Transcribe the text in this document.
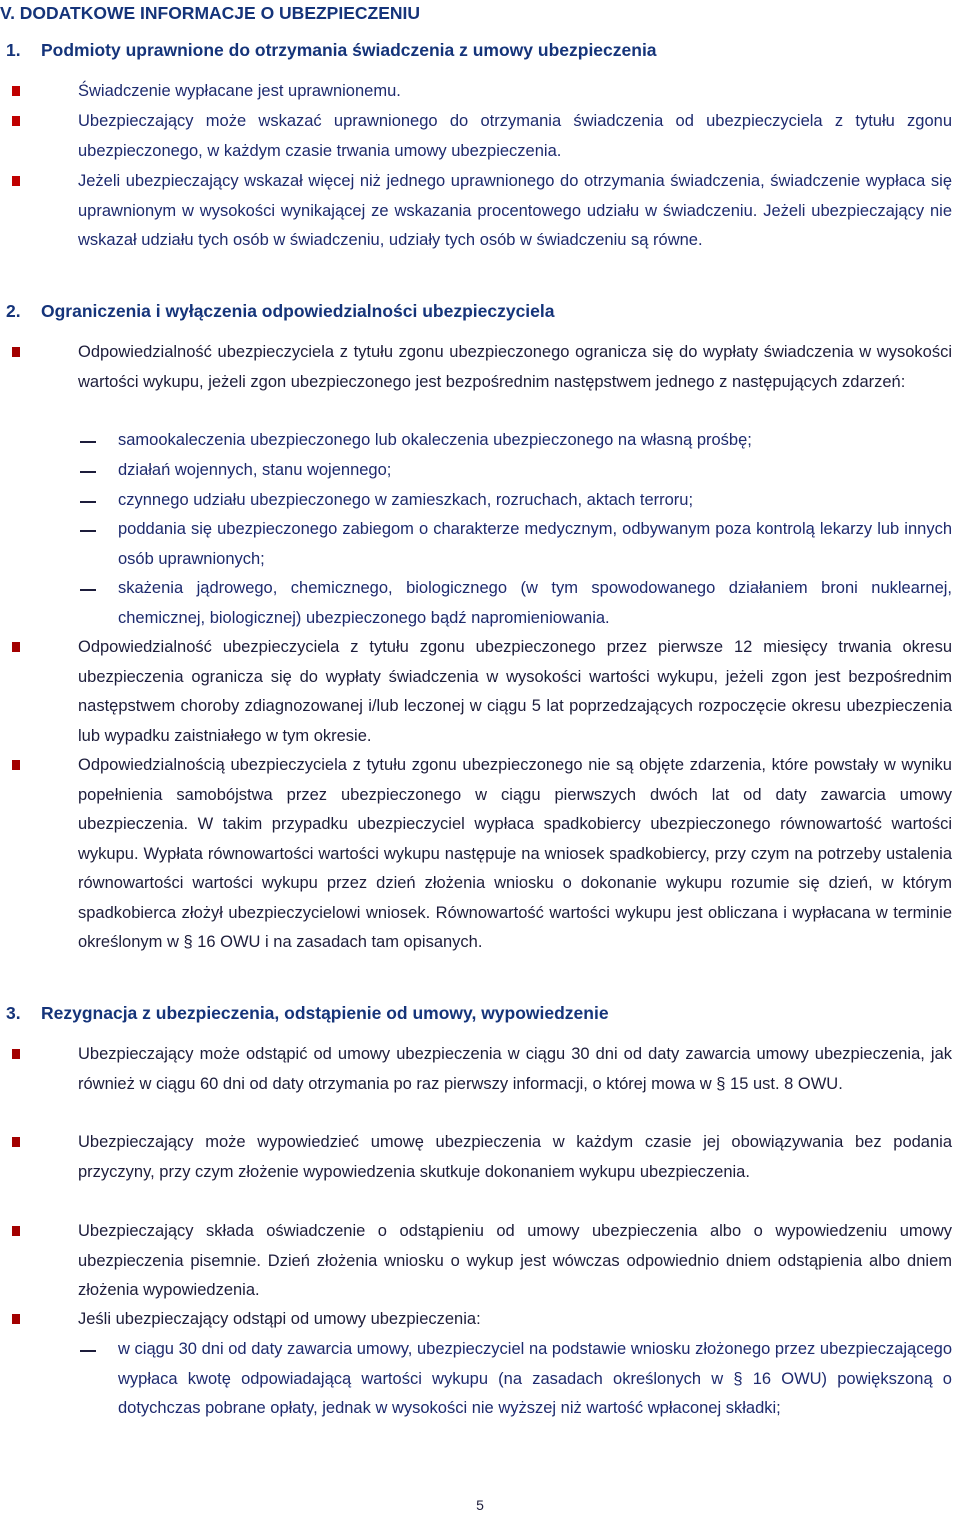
V. DODATKOWE INFORMACJE O UBEZPIECZENIU
1. Podmioty uprawnione do otrzymania świadczenia z umowy ubezpieczenia
Świadczenie wypłacane jest uprawnionemu.
Ubezpieczający może wskazać uprawnionego do otrzymania świadczenia od ubezpieczyciela z tytułu zgonu ubezpieczonego, w każdym czasie trwania umowy ubezpieczenia.
Jeżeli ubezpieczający wskazał więcej niż jednego uprawnionego do otrzymania świadczenia, świadczenie wypłaca się uprawnionym w wysokości wynikającej ze wskazania procentowego udziału w świadczeniu. Jeżeli ubezpieczający nie wskazał udziału tych osób w świadczeniu, udziały tych osób w świadczeniu są równe.
2. Ograniczenia i wyłączenia odpowiedzialności ubezpieczyciela
Odpowiedzialność ubezpieczyciela z tytułu zgonu ubezpieczonego ogranicza się do wypłaty świadczenia w wysokości wartości wykupu, jeżeli zgon ubezpieczonego jest bezpośrednim następstwem jednego z następujących zdarzeń:
samookaleczenia ubezpieczonego lub okaleczenia ubezpieczonego na własną prośbę;
działań wojennych, stanu wojennego;
czynnego udziału ubezpieczonego w zamieszkach, rozruchach, aktach terroru;
poddania się ubezpieczonego zabiegom o charakterze medycznym, odbywanym poza kontrolą lekarzy lub innych osób uprawnionych;
skażenia jądrowego, chemicznego, biologicznego (w tym spowodowanego działaniem broni nuklearnej, chemicznej, biologicznej) ubezpieczonego bądź napromieniowania.
Odpowiedzialność ubezpieczyciela z tytułu zgonu ubezpieczonego przez pierwsze 12 miesięcy trwania okresu ubezpieczenia ogranicza się do wypłaty świadczenia w wysokości wartości wykupu, jeżeli zgon jest bezpośrednim następstwem choroby zdiagnozowanej i/lub leczonej w ciągu 5 lat poprzedzających rozpoczęcie okresu ubezpieczenia lub wypadku zaistniałego w tym okresie.
Odpowiedzialnością ubezpieczyciela z tytułu zgonu ubezpieczonego nie są objęte zdarzenia, które powstały w wyniku popełnienia samobójstwa przez ubezpieczonego w ciągu pierwszych dwóch lat od daty zawarcia umowy ubezpieczenia. W takim przypadku ubezpieczyciel wypłaca spadkobiercy ubezpieczonego równowartość wartości wykupu. Wypłata równowartości wartości wykupu następuje na wniosek spadkobiercy, przy czym na potrzeby ustalenia równowartości wartości wykupu przez dzień złożenia wniosku o dokonanie wykupu rozumie się dzień, w którym spadkobierca złożył ubezpieczycielowi wniosek. Równowartość wartości wykupu jest obliczana i wypłacana w terminie określonym w § 16 OWU i na zasadach tam opisanych.
3. Rezygnacja z ubezpieczenia, odstąpienie od umowy, wypowiedzenie
Ubezpieczający może odstąpić od umowy ubezpieczenia w ciągu 30 dni od daty zawarcia umowy ubezpieczenia, jak również w ciągu 60 dni od daty otrzymania po raz pierwszy informacji, o której mowa w § 15 ust. 8 OWU.
Ubezpieczający może wypowiedzieć umowę ubezpieczenia w każdym czasie jej obowiązywania bez podania przyczyny, przy czym złożenie wypowiedzenia skutkuje dokonaniem wykupu ubezpieczenia.
Ubezpieczający składa oświadczenie o odstąpieniu od umowy ubezpieczenia albo o wypowiedzeniu umowy ubezpieczenia pisemnie. Dzień złożenia wniosku o wykup jest wówczas odpowiednio dniem odstąpienia albo dniem złożenia wypowiedzenia.
Jeśli ubezpieczający odstąpi od umowy ubezpieczenia:
w ciągu 30 dni od daty zawarcia umowy, ubezpieczyciel na podstawie wniosku złożonego przez ubezpieczającego wypłaca kwotę odpowiadającą wartości wykupu (na zasadach określonych w § 16 OWU) powiększoną o dotychczas pobrane opłaty, jednak w wysokości nie wyższej niż wartość wpłaconej składki;
5
